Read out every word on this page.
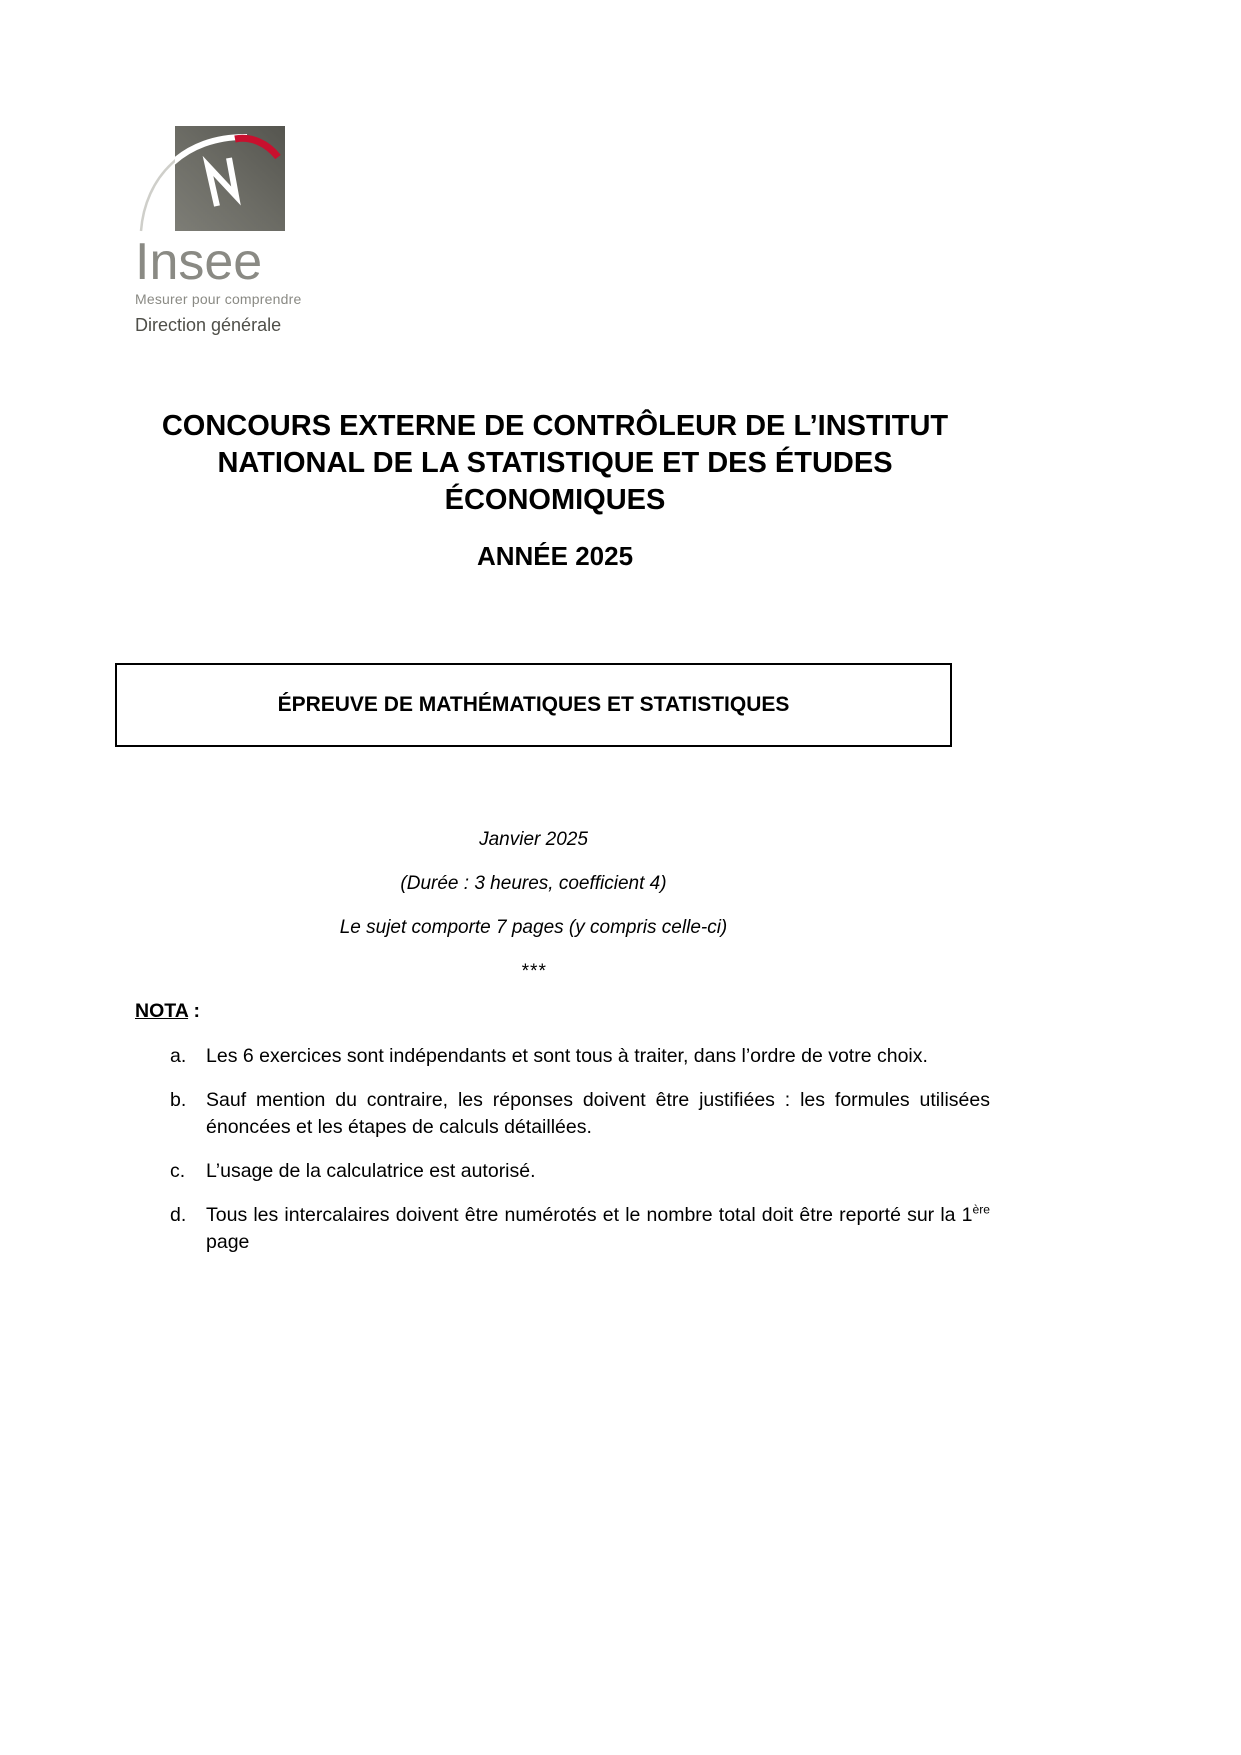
Insee
Mesurer pour comprendre
Direction générale
CONCOURS EXTERNE DE CONTRÔLEUR DE L’INSTITUT
NATIONAL DE LA STATISTIQUE ET DES ÉTUDES
ÉCONOMIQUES
ANNÉE 2025
ÉPREUVE DE MATHÉMATIQUES ET STATISTIQUES

Janvier 2025

(Durée : 3 heures, coefficient 4)

Le sujet comporte 7 pages (y compris celle-ci)

***

NOTA :
a.	Les 6 exercices sont indépendants et sont tous à traiter, dans l’ordre de votre choix.
b.	Sauf mention du contraire, les réponses doivent être justifiées : les formules utilisées énoncées et les étapes de calculs détaillées.
c.	L’usage de la calculatrice est autorisé.
d.	Tous les intercalaires doivent être numérotés et le nombre total doit être reporté sur la 1ère page
